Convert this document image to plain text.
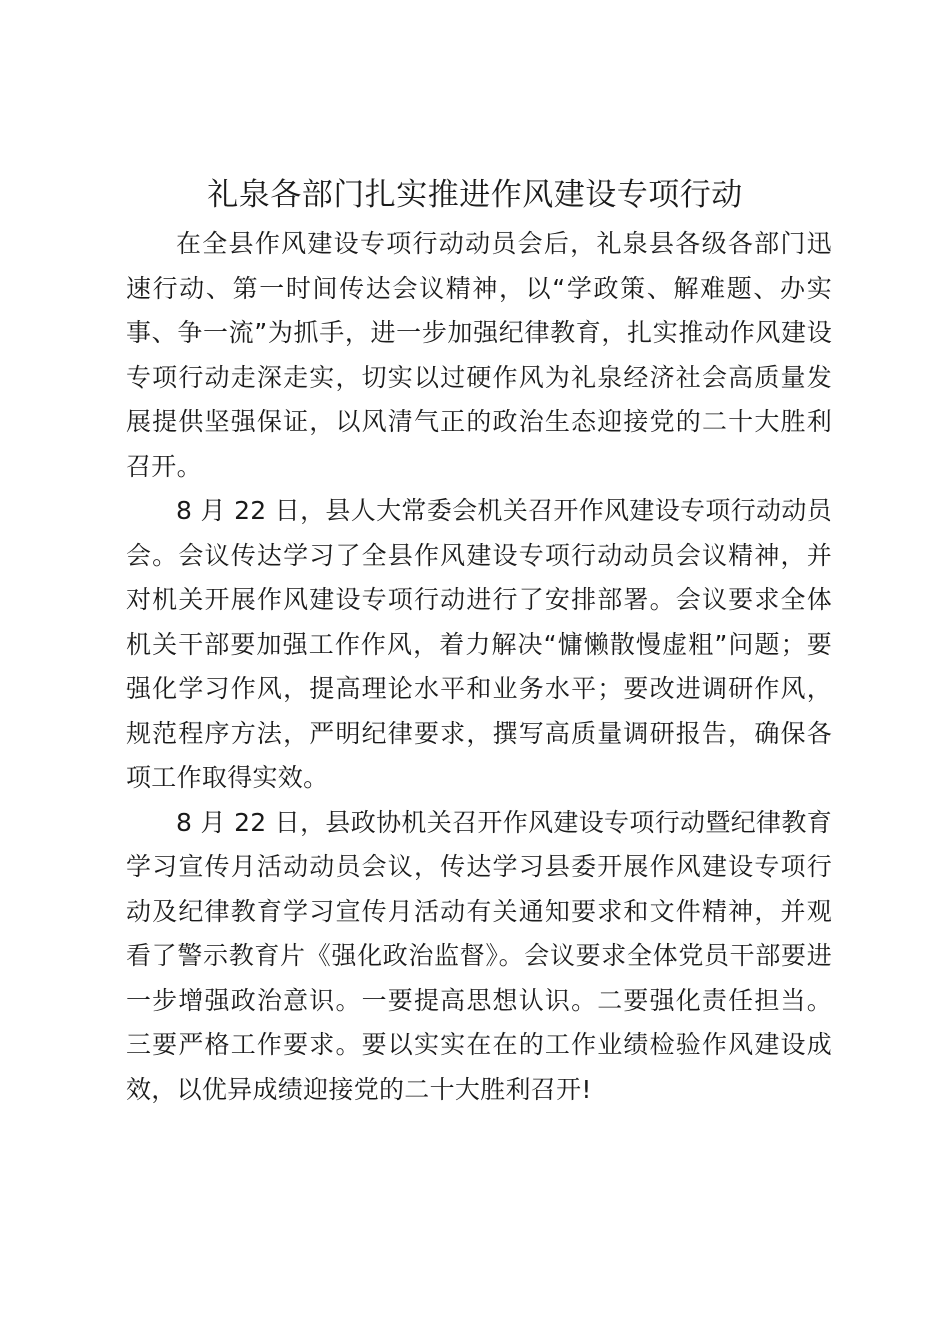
礼泉各部门扎实推进作风建设专项行动

在全县作风建设专项行动动员会后，礼泉县各级各部门迅速行动、第一时间传达会议精神，以“学政策、解难题、办实事、争一流”为抓手，进一步加强纪律教育，扎实推动作风建设专项行动走深走实，切实以过硬作风为礼泉经济社会高质量发展提供坚强保证，以风清气正的政治生态迎接党的二十大胜利召开。

8 月 22 日，县人大常委会机关召开作风建设专项行动动员会。会议传达学习了全县作风建设专项行动动员会议精神，并对机关开展作风建设专项行动进行了安排部署。会议要求全体机关干部要加强工作作风，着力解决“慵懒散慢虚粗”问题；要强化学习作风，提高理论水平和业务水平；要改进调研作风，规范程序方法，严明纪律要求，撰写高质量调研报告，确保各项工作取得实效。

8 月 22 日，县政协机关召开作风建设专项行动暨纪律教育学习宣传月活动动员会议，传达学习县委开展作风建设专项行动及纪律教育学习宣传月活动有关通知要求和文件精神，并观看了警示教育片《强化政治监督》。会议要求全体党员干部要进一步增强政治意识。一要提高思想认识。二要强化责任担当。三要严格工作要求。要以实实在在的工作业绩检验作风建设成效，以优异成绩迎接党的二十大胜利召开!
